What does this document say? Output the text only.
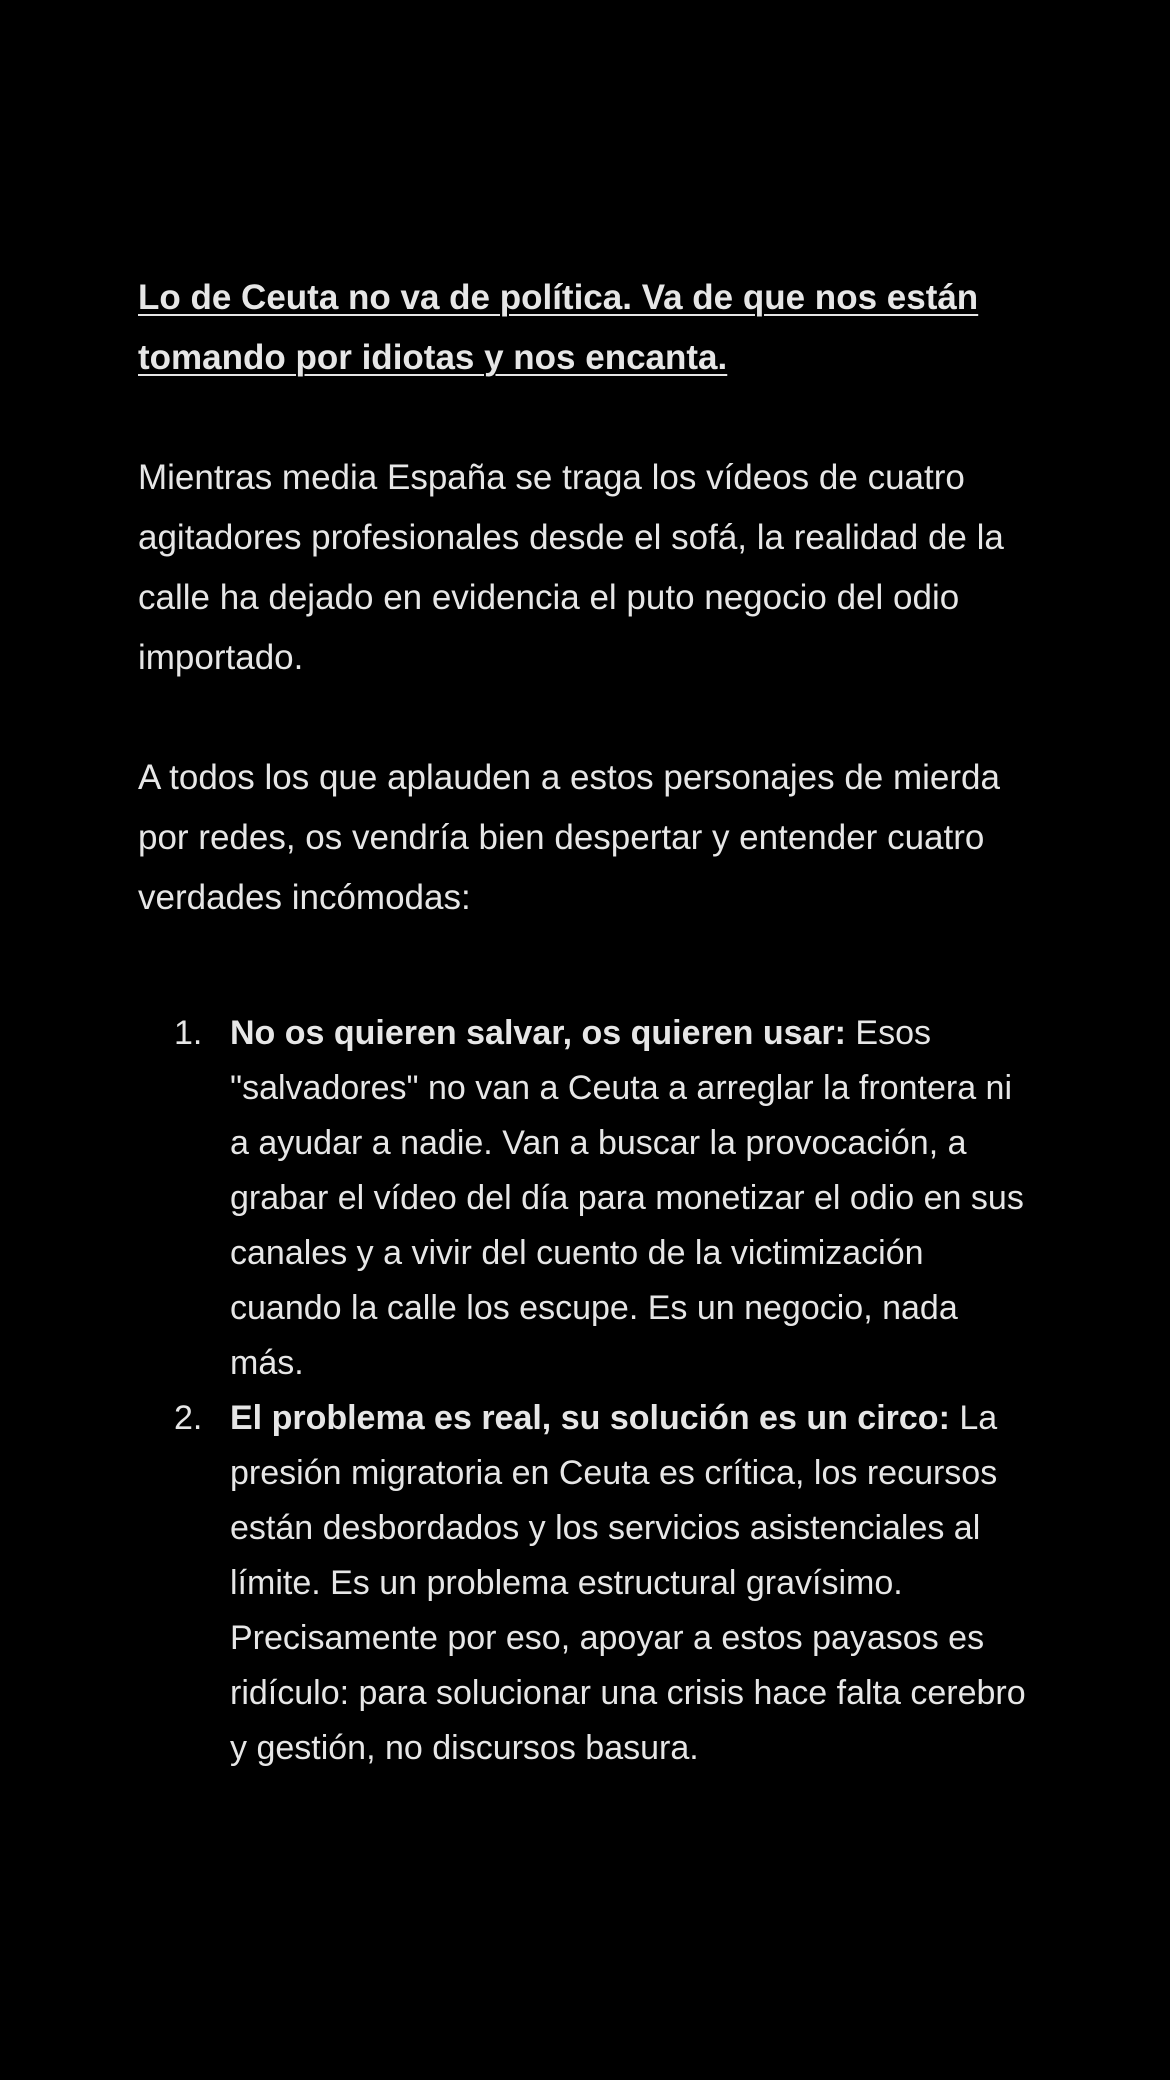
Lo de Ceuta no va de política. Va de que nos están tomando por idiotas y nos encanta.

Mientras media España se traga los vídeos de cuatro agitadores profesionales desde el sofá, la realidad de la calle ha dejado en evidencia el puto negocio del odio importado.

A todos los que aplauden a estos personajes de mierda por redes, os vendría bien despertar y entender cuatro verdades incómodas:

1. No os quieren salvar, os quieren usar: Esos "salvadores" no van a Ceuta a arreglar la frontera ni a ayudar a nadie. Van a buscar la provocación, a grabar el vídeo del día para monetizar el odio en sus canales y a vivir del cuento de la victimización cuando la calle los escupe. Es un negocio, nada más.
2. El problema es real, su solución es un circo: La presión migratoria en Ceuta es crítica, los recursos están desbordados y los servicios asistenciales al límite. Es un problema estructural gravísimo. Precisamente por eso, apoyar a estos payasos es ridículo: para solucionar una crisis hace falta cerebro y gestión, no discursos basura.
